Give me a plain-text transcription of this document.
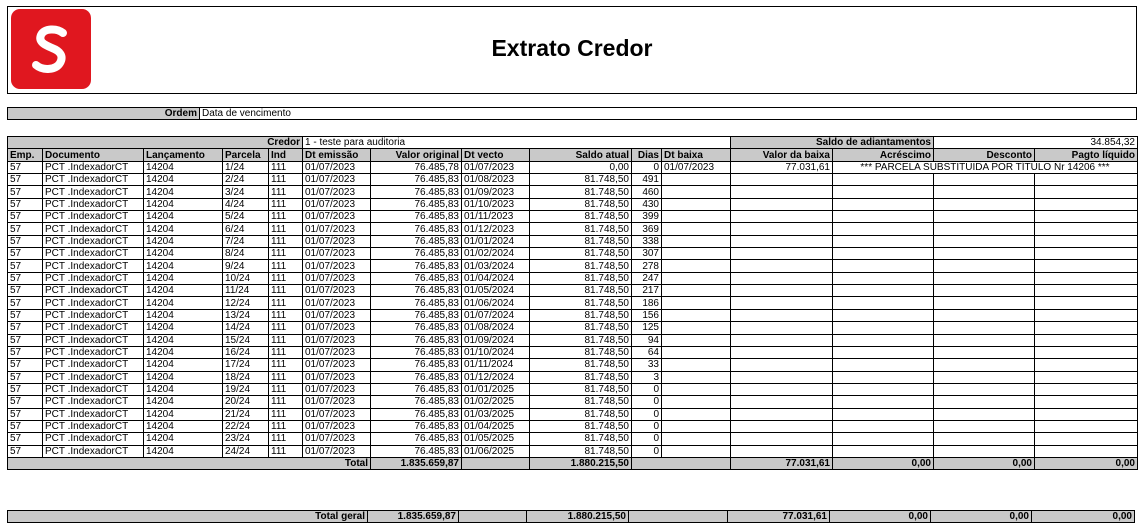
Extrato Credor
Ordem Data de vencimento
Credor					1 - teste para auditoria						Saldo de adiantamentos		34.854,32	
Emp.	Documento	Lançamento	Parcela	Ind	Dt emissão	Valor original	Dt vecto	Saldo atual	Dias	Dt baixa	Valor da baixa	Acréscimo	Desconto	Pagto líquido
57	PCT .IndexadorCT	14204	1/24	111	01/07/2023	76.485,78	01/07/2023	0,00	0	01/07/2023	77.031,61	*** PARCELA SUBSTITUIDA POR TÍTULO Nr 14206 ***		
57	PCT .IndexadorCT	14204	2/24	111	01/07/2023	76.485,83	01/08/2023	81.748,50	491					
57	PCT .IndexadorCT	14204	3/24	111	01/07/2023	76.485,83	01/09/2023	81.748,50	460					
57	PCT .IndexadorCT	14204	4/24	111	01/07/2023	76.485,83	01/10/2023	81.748,50	430					
57	PCT .IndexadorCT	14204	5/24	111	01/07/2023	76.485,83	01/11/2023	81.748,50	399					
57	PCT .IndexadorCT	14204	6/24	111	01/07/2023	76.485,83	01/12/2023	81.748,50	369					
57	PCT .IndexadorCT	14204	7/24	111	01/07/2023	76.485,83	01/01/2024	81.748,50	338					
57	PCT .IndexadorCT	14204	8/24	111	01/07/2023	76.485,83	01/02/2024	81.748,50	307					
57	PCT .IndexadorCT	14204	9/24	111	01/07/2023	76.485,83	01/03/2024	81.748,50	278					
57	PCT .IndexadorCT	14204	10/24	111	01/07/2023	76.485,83	01/04/2024	81.748,50	247					
57	PCT .IndexadorCT	14204	11/24	111	01/07/2023	76.485,83	01/05/2024	81.748,50	217					
57	PCT .IndexadorCT	14204	12/24	111	01/07/2023	76.485,83	01/06/2024	81.748,50	186					
57	PCT .IndexadorCT	14204	13/24	111	01/07/2023	76.485,83	01/07/2024	81.748,50	156					
57	PCT .IndexadorCT	14204	14/24	111	01/07/2023	76.485,83	01/08/2024	81.748,50	125					
57	PCT .IndexadorCT	14204	15/24	111	01/07/2023	76.485,83	01/09/2024	81.748,50	94					
57	PCT .IndexadorCT	14204	16/24	111	01/07/2023	76.485,83	01/10/2024	81.748,50	64					
57	PCT .IndexadorCT	14204	17/24	111	01/07/2023	76.485,83	01/11/2024	81.748,50	33					
57	PCT .IndexadorCT	14204	18/24	111	01/07/2023	76.485,83	01/12/2024	81.748,50	3					
57	PCT .IndexadorCT	14204	19/24	111	01/07/2023	76.485,83	01/01/2025	81.748,50	0					
57	PCT .IndexadorCT	14204	20/24	111	01/07/2023	76.485,83	01/02/2025	81.748,50	0					
57	PCT .IndexadorCT	14204	21/24	111	01/07/2023	76.485,83	01/03/2025	81.748,50	0					
57	PCT .IndexadorCT	14204	22/24	111	01/07/2023	76.485,83	01/04/2025	81.748,50	0					
57	PCT .IndexadorCT	14204	23/24	111	01/07/2023	76.485,83	01/05/2025	81.748,50	0					
57	PCT .IndexadorCT	14204	24/24	111	01/07/2023	76.485,83	01/06/2025	81.748,50	0					
Total						1.835.659,87		1.880.215,50			77.031,61	0,00	0,00	0,00
Total geral	1.835.659,87		1.880.215,50		77.031,61	0,00	0,00	0,00
